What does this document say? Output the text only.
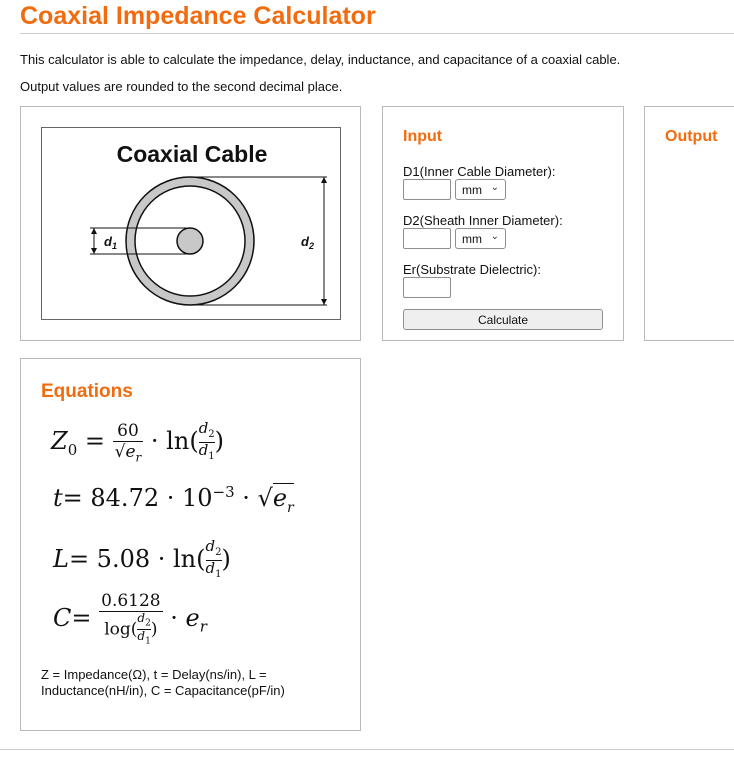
Coaxial Impedance Calculator
This calculator is able to calculate the impedance, delay, inductance, and capacitance of a coaxial cable.
Output values are rounded to the second decimal place.
Coaxial Cable
$d_1$	$d_2$
Input
D1(Inner Cable Diameter):
mm ⌄
D2(Sheath Inner Diameter):
mm ⌄
Er(Substrate Dielectric):
Calculate
Output
Equations
$Z_0 = \frac{60}{√e_r} \cdot \ln( \frac{d_2}{d_1}$ )
$t= 84.72 \cdot 10^{-3} \cdot √e_r$
$L= 5.08 \cdot \ln( \frac{d_2}{d_1}$ )
$C= \frac{0.6128}{\log( \frac{d_2}{d_1} )} \cdot e_r$
Z = Impedance(Ω), t = Delay(ns/in), L = Inductance(nH/in), C = Capacitance(pF/in)
